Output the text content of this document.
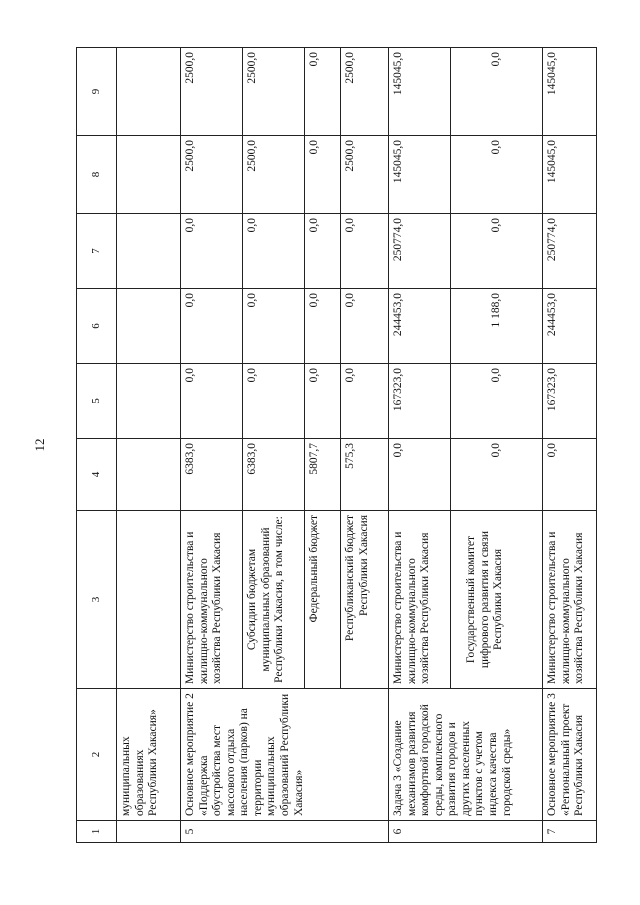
12
1	2	3	4	5	6	7	8	9
	муниципальных образованиях Республики Хакасия»							
5	Основное мероприятие 2 «Поддержка обустройства мест массового отдыха населения (парков) на территории муниципальных образований Республики Хакасия»	Министерство строительства и жилищно-коммунального хозяйства Республики Хакасия	6383,0	0,0	0,0	0,0	2500,0	2500,0
		Субсидии бюджетам муниципальных образований Республики Хакасия, в том числе:	6383,0	0,0	0,0	0,0	2500,0	2500,0
		Федеральный бюджет	5807,7	0,0	0,0	0,0	0,0	0,0
		Республиканский бюджет Республики Хакасия	575,3	0,0	0,0	0,0	2500,0	2500,0
6	Задача 3 «Создание механизмов развития комфортной городской среды, комплексного развития городов и других населенных пунктов с учетом индекса качества городской среды»	Министерство строительства и жилищно-коммунального хозяйства Республики Хакасия	0,0	167323,0	244453,0	250774,0	145045,0	145045,0
		Государственный комитет цифрового развития и связи Республики Хакасия	0,0	0,0	1 188,0	0,0	0,0	0,0
7	Основное мероприятие 3 «Региональный проект Республики Хакасия	Министерство строительства и жилищно-коммунального хозяйства Республики Хакасия	0,0	167323,0	244453,0	250774,0	145045,0	145045,0
